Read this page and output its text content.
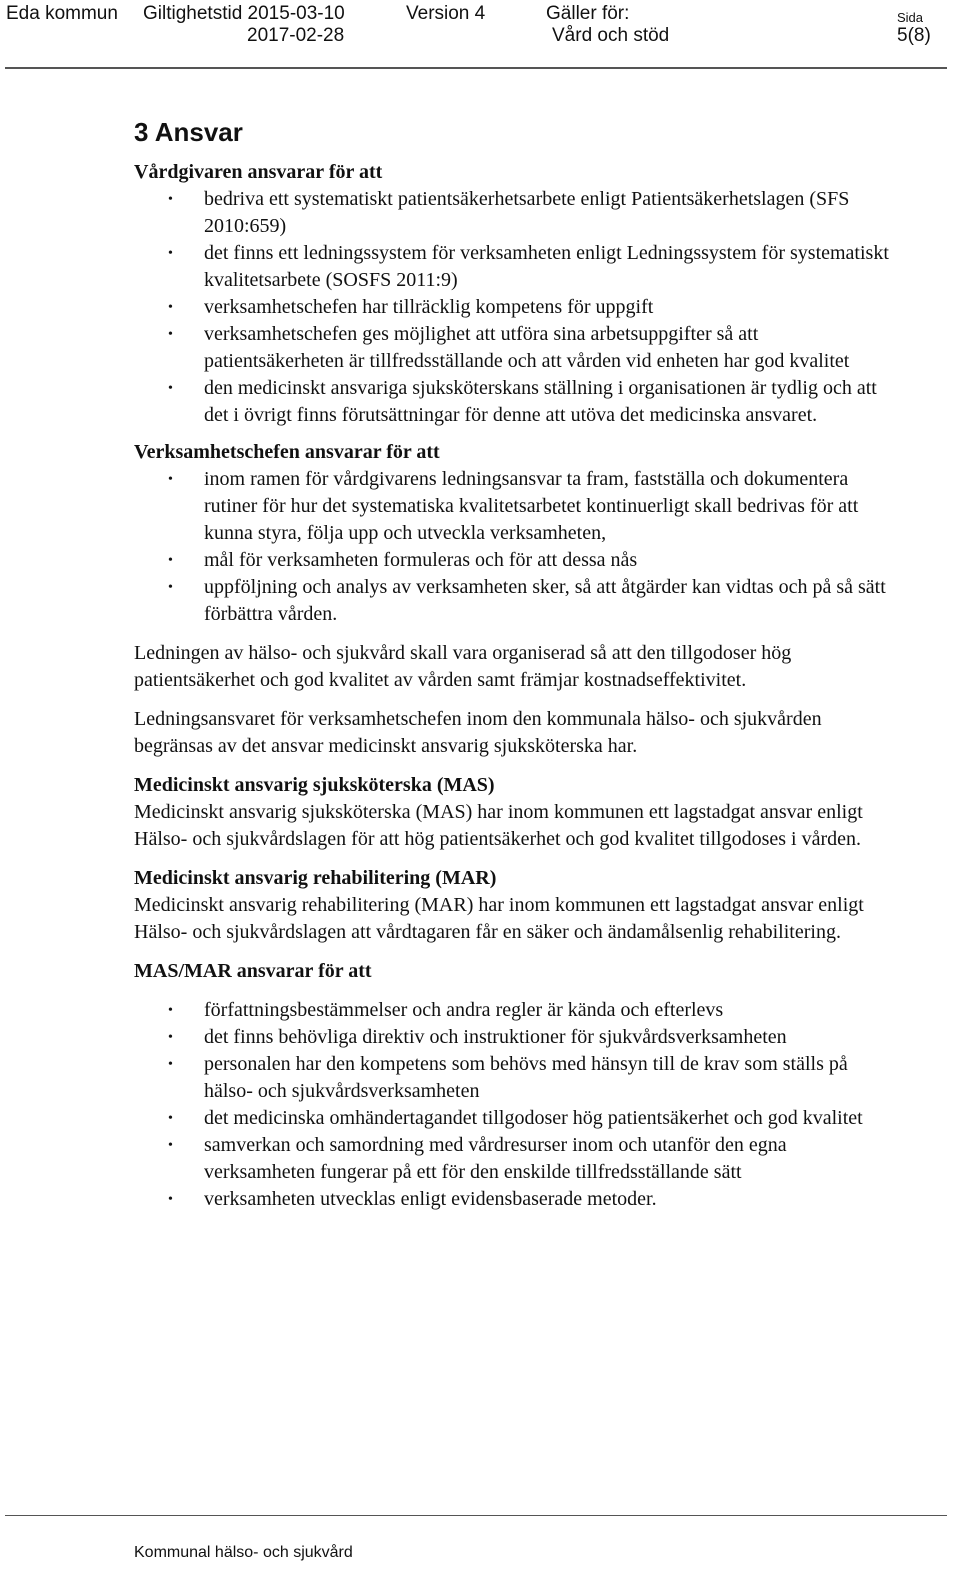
Eda kommun Giltighetstid 2015-03-10
2017-02-28
Version 4	Gäller för:
Vård och stöd
Sida
5(8)
3 Ansvar

Vårdgivaren ansvarar för att

• bedriva ett systematiskt patientsäkerhetsarbete enligt Patientsäkerhetslagen (SFS 2010:659)
• det finns ett ledningssystem för verksamheten enligt Ledningssystem för systematiskt kvalitetsarbete (SOSFS 2011:9)
• verksamhetschefen har tillräcklig kompetens för uppgift
• verksamhetschefen ges möjlighet att utföra sina arbetsuppgifter så att patientsäkerheten är tillfredsställande och att vården vid enheten har god kvalitet
• den medicinskt ansvariga sjuksköterskans ställning i organisationen är tydlig och att det i övrigt finns förutsättningar för denne att utöva det medicinska ansvaret.

Verksamhetschefen ansvarar för att

• inom ramen för vårdgivarens ledningsansvar ta fram, fastställa och dokumentera rutiner för hur det systematiska kvalitetsarbetet kontinuerligt skall bedrivas för att kunna styra, följa upp och utveckla verksamheten,
• mål för verksamheten formuleras och för att dessa nås
• uppföljning och analys av verksamheten sker, så att åtgärder kan vidtas och på så sätt förbättra vården.

Ledningen av hälso- och sjukvård skall vara organiserad så att den tillgodoser hög patientsäkerhet och god kvalitet av vården samt främjar kostnadseffektivitet.

Ledningsansvaret för verksamhetschefen inom den kommunala hälso- och sjukvården begränsas av det ansvar medicinskt ansvarig sjuksköterska har.

Medicinskt ansvarig sjuksköterska (MAS)

Medicinskt ansvarig sjuksköterska (MAS) har inom kommunen ett lagstadgat ansvar enligt Hälso- och sjukvårdslagen för att hög patientsäkerhet och god kvalitet tillgodoses i vården.

Medicinskt ansvarig rehabilitering (MAR)

Medicinskt ansvarig rehabilitering (MAR) har inom kommunen ett lagstadgat ansvar enligt Hälso- och sjukvårdslagen att vårdtagaren får en säker och ändamålsenlig rehabilitering.

MAS/MAR ansvarar för att

• författningsbestämmelser och andra regler är kända och efterlevs
• det finns behövliga direktiv och instruktioner för sjukvårdsverksamheten
• personalen har den kompetens som behövs med hänsyn till de krav som ställs på hälso- och sjukvårdsverksamheten
• det medicinska omhändertagandet tillgodoser hög patientsäkerhet och god kvalitet
• samverkan och samordning med vårdresurser inom och utanför den egna verksamheten fungerar på ett för den enskilde tillfredsställande sätt
• verksamheten utvecklas enligt evidensbaserade metoder.
Kommunal hälso- och sjukvård
